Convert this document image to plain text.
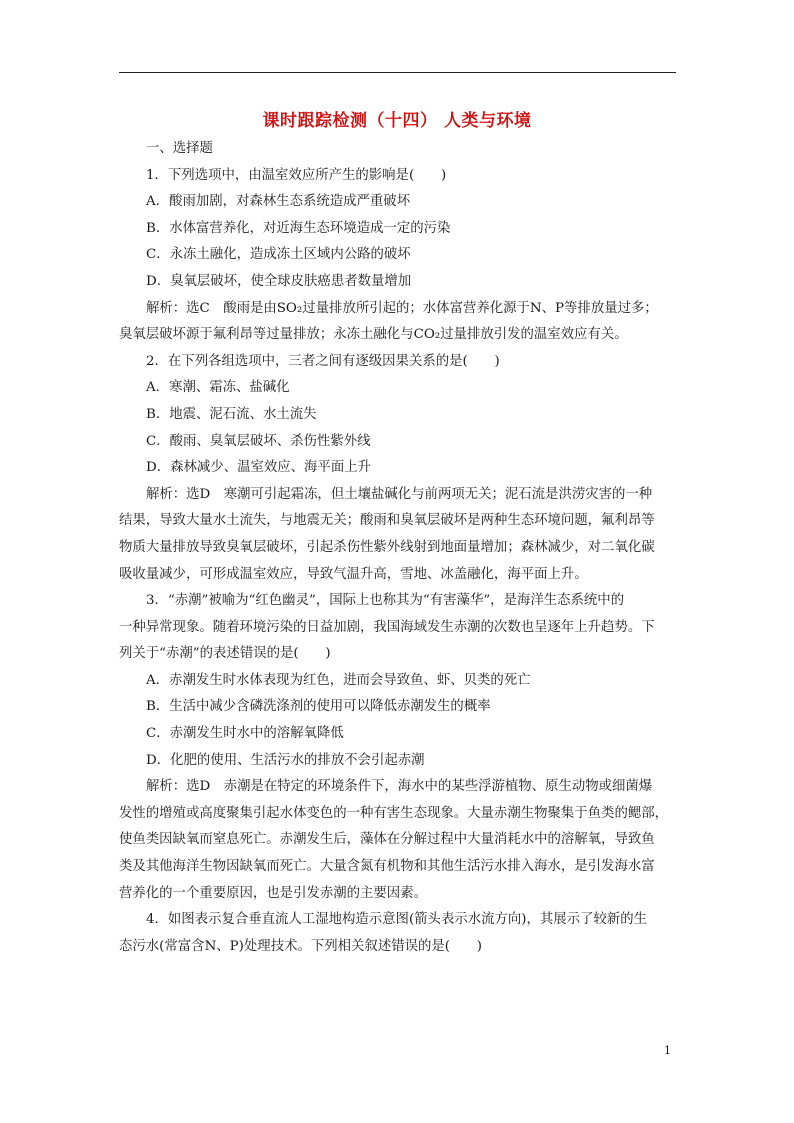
课时跟踪检测（十四） 人类与环境

一、选择题

1．下列选项中，由温室效应所产生的影响是(　　)

A．酸雨加剧，对森林生态系统造成严重破坏

B．水体富营养化，对近海生态环境造成一定的污染

C．永冻土融化，造成冻土区域内公路的破坏

D．臭氧层破坏，使全球皮肤癌患者数量增加

解析：选C　酸雨是由SO₂过量排放所引起的；水体富营养化源于N、P等排放量过多；

臭氧层破坏源于氟利昂等过量排放；永冻土融化与CO₂过量排放引发的温室效应有关。

2．在下列各组选项中，三者之间有逐级因果关系的是(　　)

A．寒潮、霜冻、盐碱化

B．地震、泥石流、水土流失

C．酸雨、臭氧层破坏、杀伤性紫外线

D．森林减少、温室效应、海平面上升

解析：选D　寒潮可引起霜冻，但土壤盐碱化与前两项无关；泥石流是洪涝灾害的一种

结果，导致大量水土流失，与地震无关；酸雨和臭氧层破坏是两种生态环境问题，氟利昂等

物质大量排放导致臭氧层破坏，引起杀伤性紫外线射到地面量增加；森林减少，对二氧化碳

吸收量减少，可形成温室效应，导致气温升高，雪地、冰盖融化，海平面上升。

3．“赤潮”被喻为“红色幽灵”，国际上也称其为“有害藻华”，是海洋生态系统中的

一种异常现象。随着环境污染的日益加剧，我国海域发生赤潮的次数也呈逐年上升趋势。下

列关于“赤潮”的表述错误的是(　　)

A．赤潮发生时水体表现为红色，进而会导致鱼、虾、贝类的死亡

B．生活中减少含磷洗涤剂的使用可以降低赤潮发生的概率

C．赤潮发生时水中的溶解氧降低

D．化肥的使用、生活污水的排放不会引起赤潮

解析：选D　赤潮是在特定的环境条件下，海水中的某些浮游植物、原生动物或细菌爆

发性的增殖或高度聚集引起水体变色的一种有害生态现象。大量赤潮生物聚集于鱼类的鳃部，

使鱼类因缺氧而窒息死亡。赤潮发生后，藻体在分解过程中大量消耗水中的溶解氧，导致鱼

类及其他海洋生物因缺氧而死亡。大量含氮有机物和其他生活污水排入海水，是引发海水富

营养化的一个重要原因，也是引发赤潮的主要因素。

4．如图表示复合垂直流人工湿地构造示意图(箭头表示水流方向)，其展示了较新的生

态污水(常富含N、P)处理技术。下列相关叙述错误的是(　　)

1
